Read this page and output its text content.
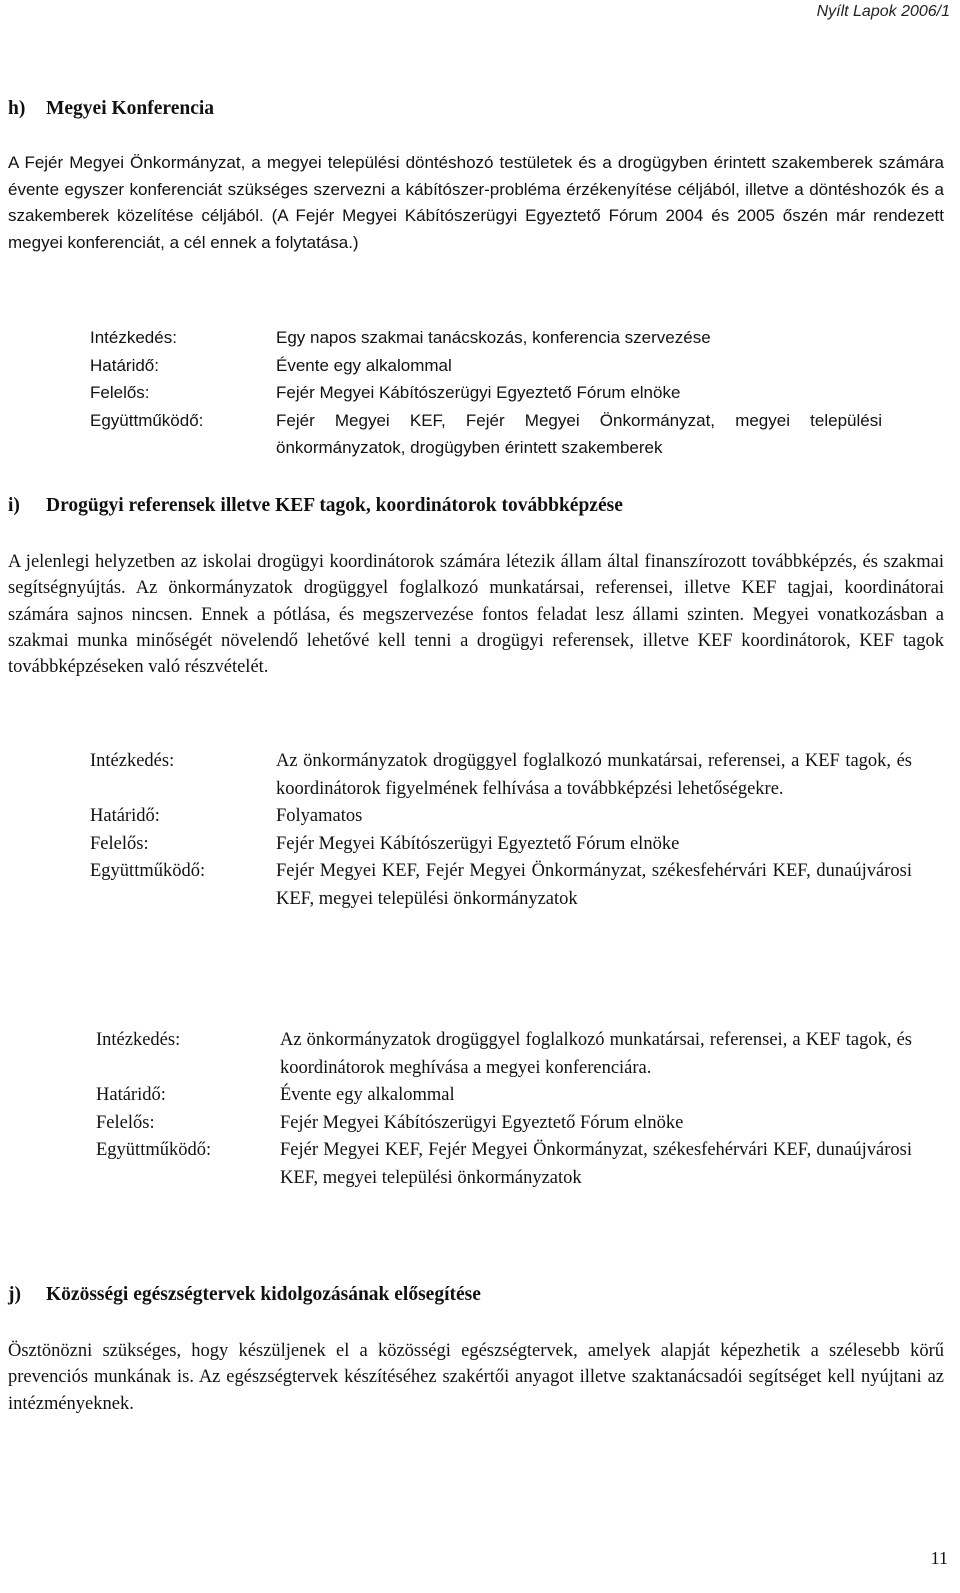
Nyílt Lapok 2006/1
h) Megyei Konferencia

A Fejér Megyei Önkormányzat, a megyei települési döntéshozó testületek és a drogügyben érintett szakemberek számára évente egyszer konferenciát szükséges szervezni a kábítószer-probléma érzékenyítése céljából, illetve a döntéshozók és a szakemberek közelítése céljából. (A Fejér Megyei Kábítószerügyi Egyeztető Fórum 2004 és 2005 őszén már rendezett megyei konferenciát, a cél ennek a folytatása.)

Intézkedés:	Egy napos szakmai tanácskozás, konferencia szervezése
Határidő:	Évente egy alkalommal
Felelős:	Fejér Megyei Kábítószerügyi Egyeztető Fórum elnöke
Együttműködő:	Fejér Megyei KEF, Fejér Megyei Önkormányzat, megyei települési önkormányzatok, drogügyben érintett szakemberek
i) Drogügyi referensek illetve KEF tagok, koordinátorok továbbképzése

A jelenlegi helyzetben az iskolai drogügyi koordinátorok számára létezik állam által finanszírozott továbbképzés, és szakmai segítségnyújtás. Az önkormányzatok drogüggyel foglalkozó munkatársai, referensei, illetve KEF tagjai, koordinátorai számára sajnos nincsen. Ennek a pótlása, és megszervezése fontos feladat lesz állami szinten. Megyei vonatkozásban a szakmai munka minőségét növelendő lehetővé kell tenni a drogügyi referensek, illetve KEF koordinátorok, KEF tagok továbbképzéseken való részvételét.

Intézkedés:	Az önkormányzatok drogüggyel foglalkozó munkatársai, referensei, a KEF tagok, és koordinátorok figyelmének felhívása a továbbképzési lehetőségekre.
Határidő:	Folyamatos
Felelős:	Fejér Megyei Kábítószerügyi Egyeztető Fórum elnöke
Együttműködő:	Fejér Megyei KEF, Fejér Megyei Önkormányzat, székesfehérvári KEF, dunaújvárosi KEF, megyei települési önkormányzatok
Intézkedés:	Az önkormányzatok drogüggyel foglalkozó munkatársai, referensei, a KEF tagok, és koordinátorok meghívása a megyei konferenciára.
Határidő:	Évente egy alkalommal
Felelős:	Fejér Megyei Kábítószerügyi Egyeztető Fórum elnöke
Együttműködő:	Fejér Megyei KEF, Fejér Megyei Önkormányzat, székesfehérvári KEF, dunaújvárosi KEF, megyei települési önkormányzatok
j) Közösségi egészségtervek kidolgozásának elősegítése

Ösztönözni szükséges, hogy készüljenek el a közösségi egészségtervek, amelyek alapját képezhetik a szélesebb körű prevenciós munkának is. Az egészségtervek készítéséhez szakértői anyagot illetve szaktanácsadói segítséget kell nyújtani az intézményeknek.

11
